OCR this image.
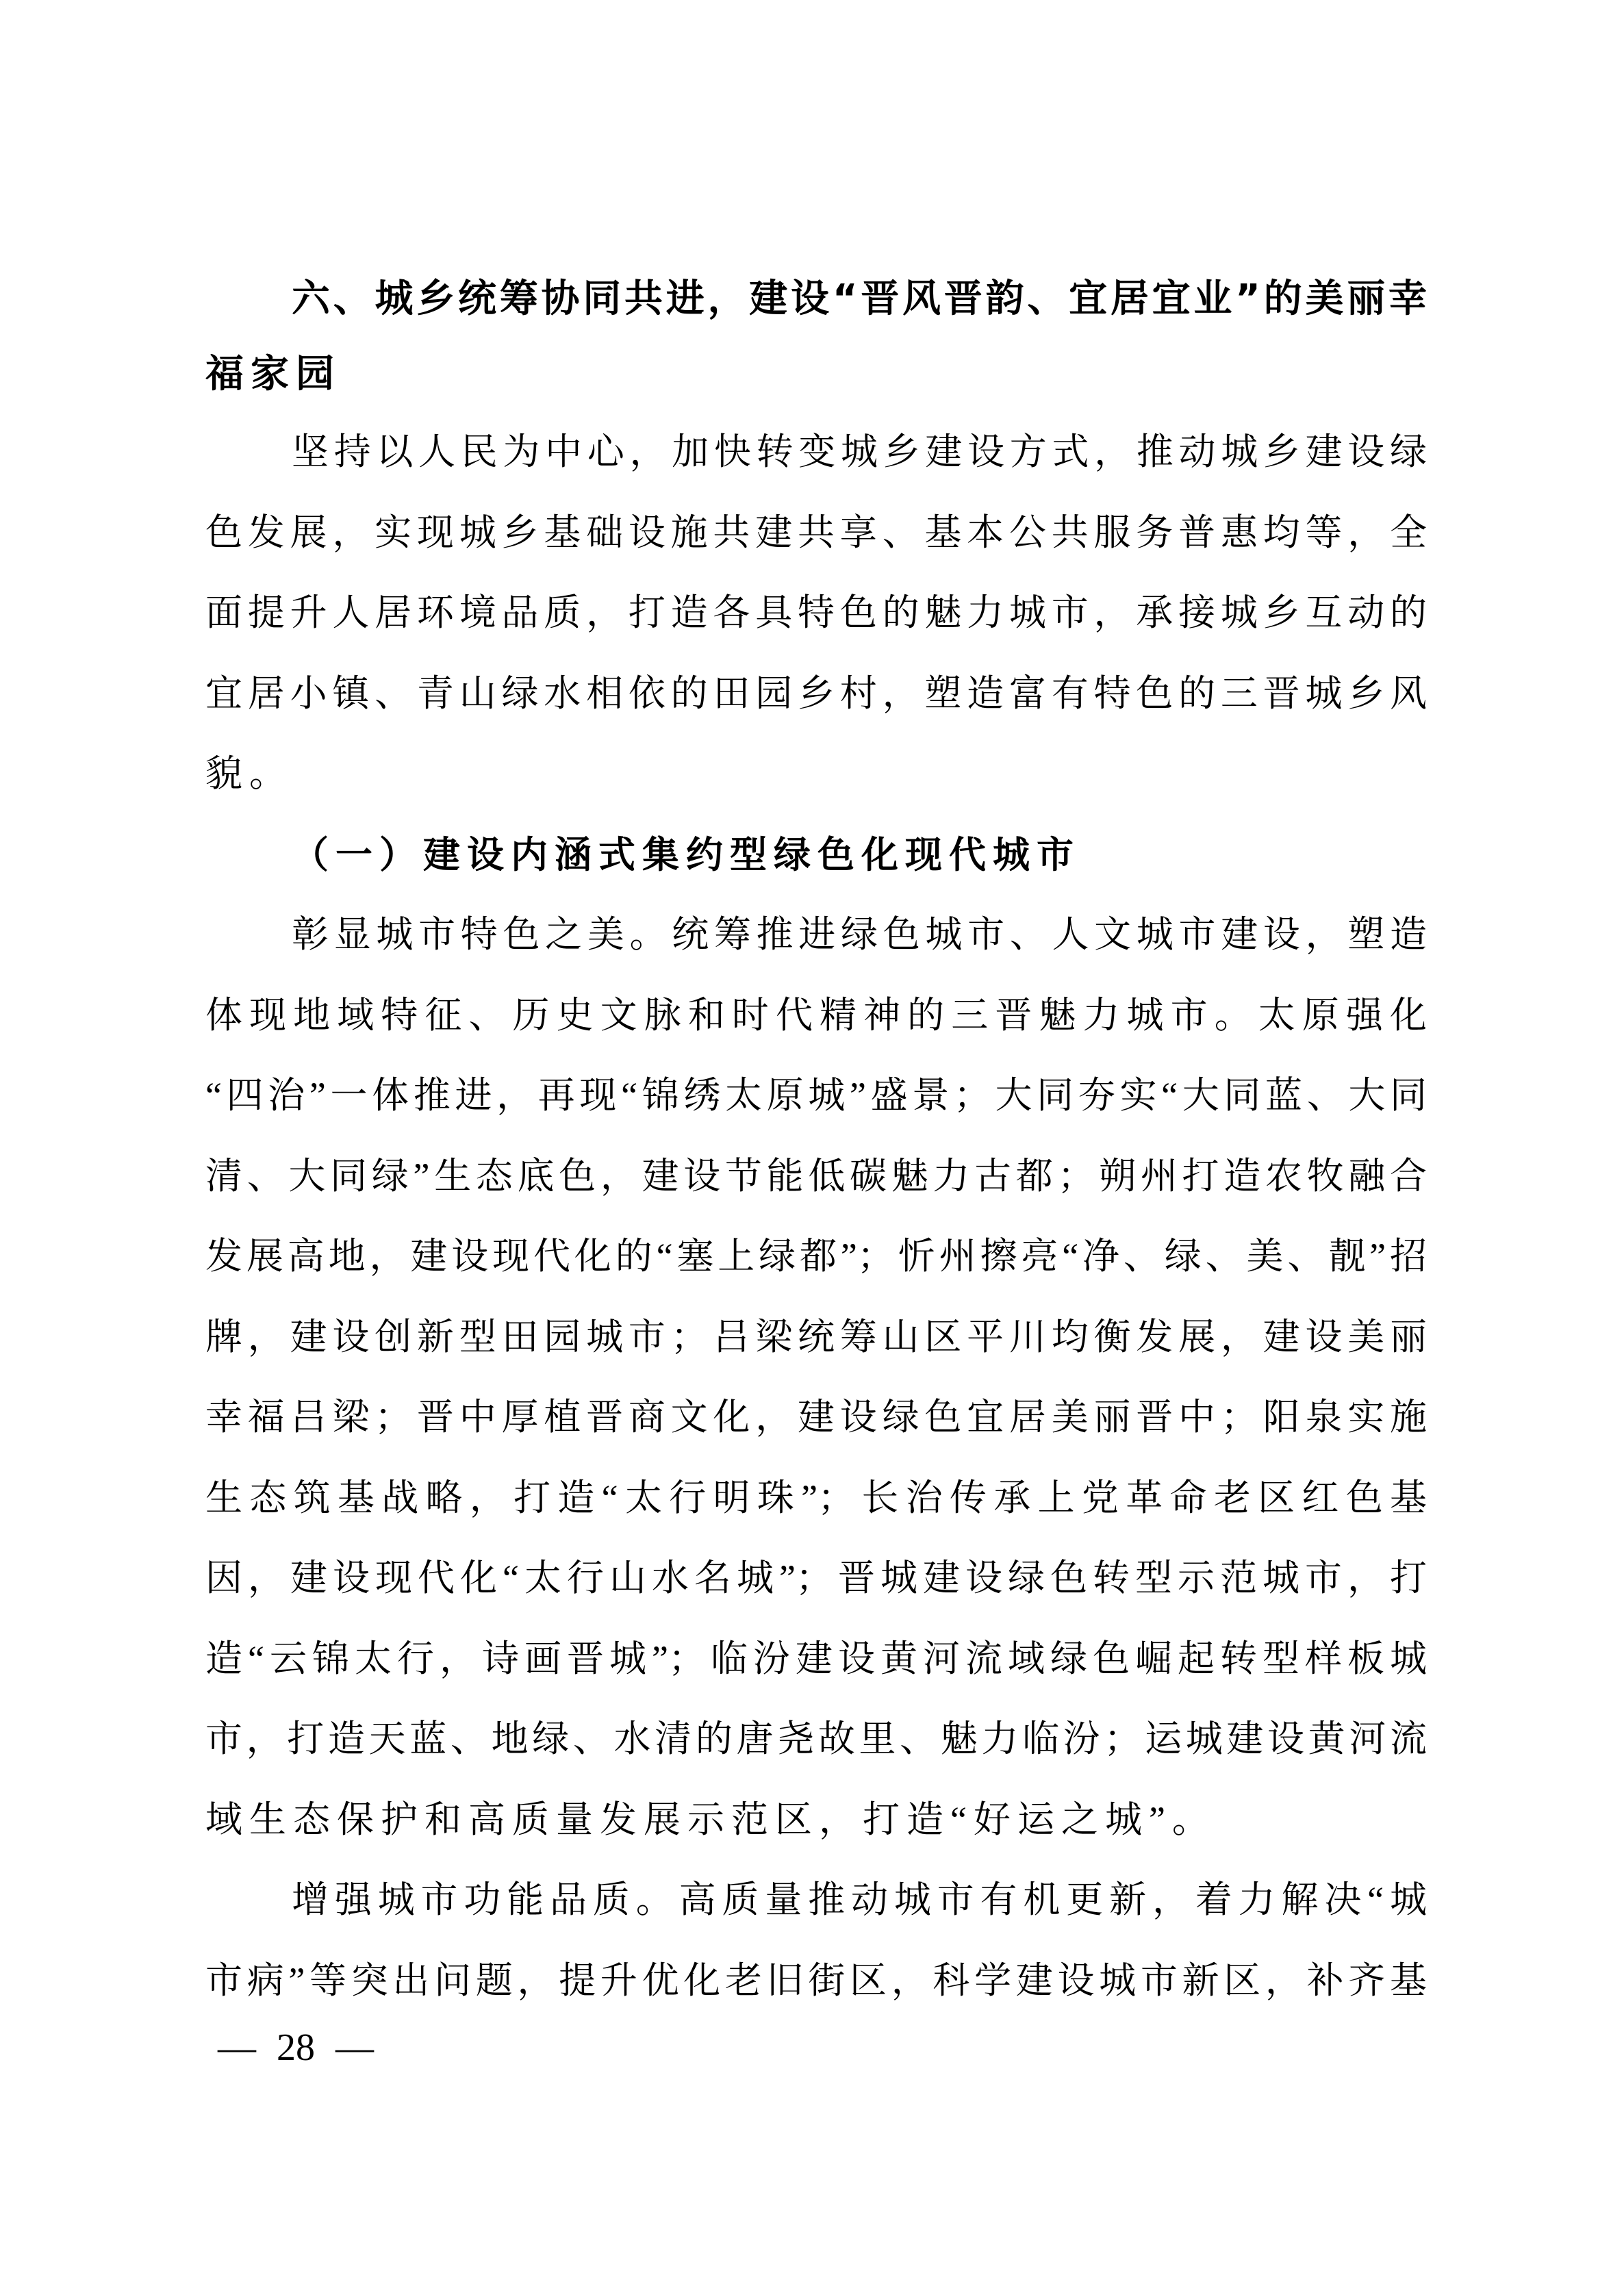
六、城乡统筹协同共进，建设“晋风晋韵、宜居宜业”的美丽幸
福家园
坚持以人民为中心，加快转变城乡建设方式，推动城乡建设绿
色发展，实现城乡基础设施共建共享、基本公共服务普惠均等，全
面提升人居环境品质，打造各具特色的魅力城市，承接城乡互动的
宜居小镇、青山绿水相依的田园乡村，塑造富有特色的三晋城乡风
貌。
（一）建设内涵式集约型绿色化现代城市
彰显城市特色之美。统筹推进绿色城市、人文城市建设，塑造
体现地域特征、历史文脉和时代精神的三晋魅力城市。太原强化
“四治”一体推进，再现“锦绣太原城”盛景；大同夯实“大同蓝、大同
清、大同绿”生态底色，建设节能低碳魅力古都；朔州打造农牧融合
发展高地，建设现代化的“塞上绿都”；忻州擦亮“净、绿、美、靓”招
牌，建设创新型田园城市；吕梁统筹山区平川均衡发展，建设美丽
幸福吕梁；晋中厚植晋商文化，建设绿色宜居美丽晋中；阳泉实施
生态筑基战略，打造“太行明珠”；长治传承上党革命老区红色基
因，建设现代化“太行山水名城”；晋城建设绿色转型示范城市，打
造“云锦太行，诗画晋城”；临汾建设黄河流域绿色崛起转型样板城
市，打造天蓝、地绿、水清的唐尧故里、魅力临汾；运城建设黄河流
域生态保护和高质量发展示范区，打造“好运之城”。
增强城市功能品质。高质量推动城市有机更新，着力解决“城
市病”等突出问题，提升优化老旧街区，科学建设城市新区，补齐基
— 28 —
